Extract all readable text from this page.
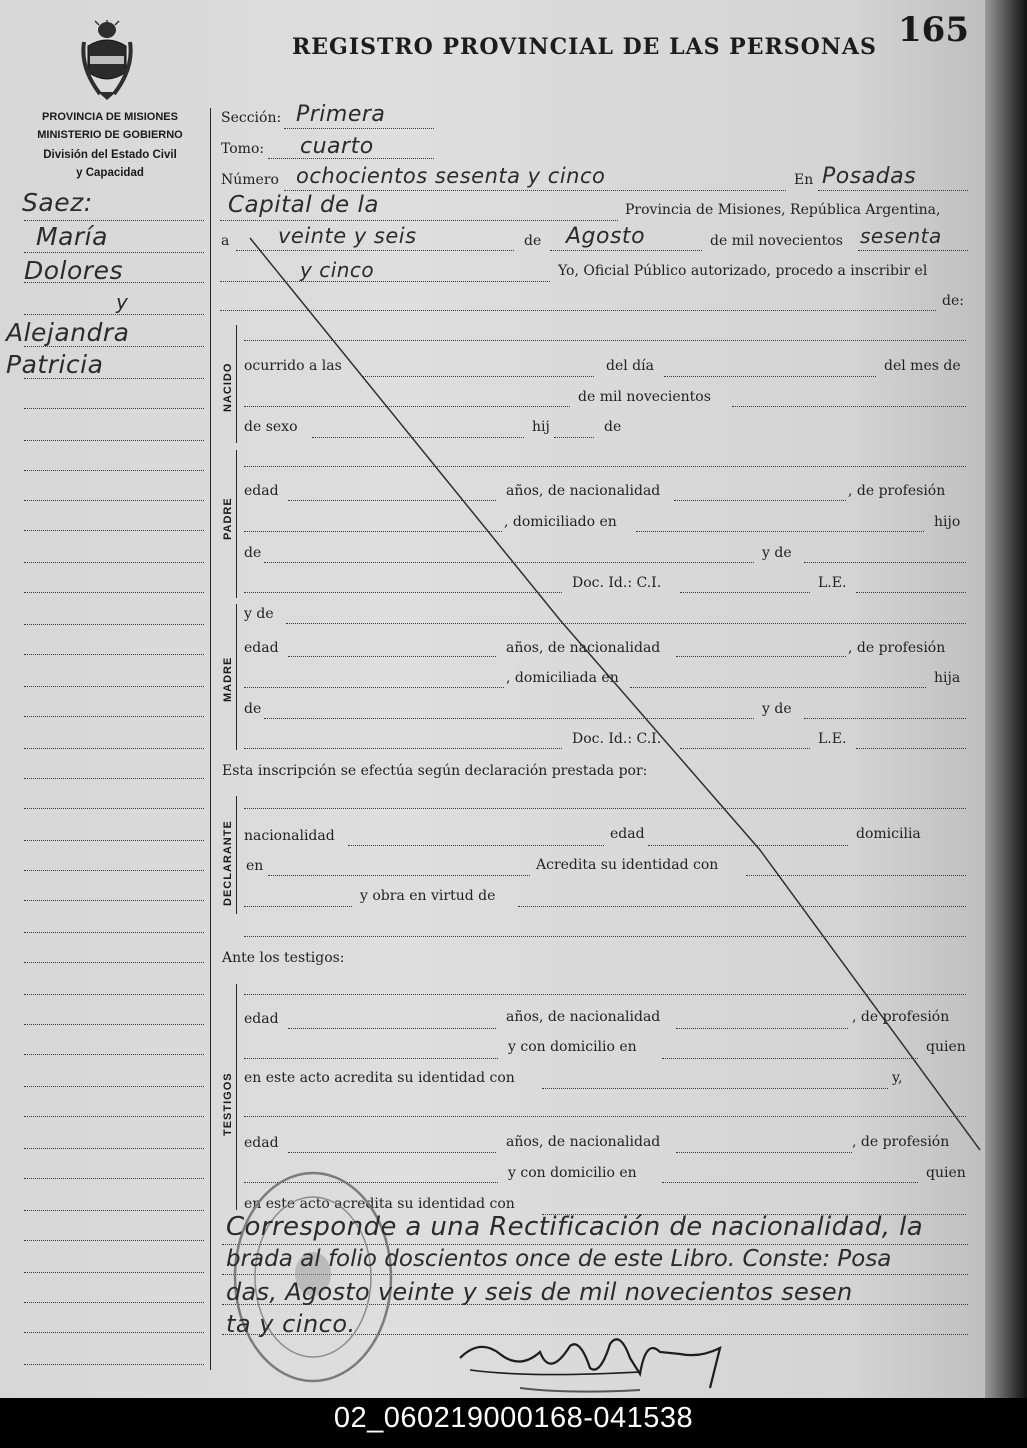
PROVINCIA DE MISIONES
MINISTERIO DE GOBIERNO
División del Estado Civil
y Capacidad
REGISTRO PROVINCIAL DE LAS PERSONAS 165
Saez:
María
Dolores
y
Alejandra
Patricia
Sección: Primera
Tomo: cuarto
Número ochocientos sesenta y cinco	En Posadas
Capital de la	Provincia de Misiones, República Argentina,
a veinte y seis	de Agosto	de mil novecientos sesenta
y cinco	Yo, Oficial Público autorizado, procedo a inscribir el
de:
NACIDO ocurrido a las	del día	del mes de
de mil novecientos
de sexo	hij	de
PADRE
edad	años, de nacionalidad	, de profesión
, domiciliado en	hijo
de	y de
Doc. Id.: C.I.	L.E.
MADRE
y de
edad	años, de nacionalidad	, de profesión
, domiciliada en	hija
de	y de
Doc. Id.: C.I.	L.E.
Esta inscripción se efectúa según declaración prestada por:
DECLARANTE nacionalidad	edad	domicilia
en	Acredita su identidad con
y obra en virtud de
Ante los testigos:
TESTIGOS
edad	años, de nacionalidad	, de profesión
y con domicilio en	quien
en este acto acredita su identidad con	y,
edad	años, de nacionalidad	, de profesión
y con domicilio en	quien
en este acto acredita su identidad con
Corresponde a una Rectificación de nacionalidad, la
brada al folio doscientos once de este Libro. Conste: Posa
das, Agosto veinte y seis de mil novecientos sesen
ta y cinco.
02_060219000168-041538
